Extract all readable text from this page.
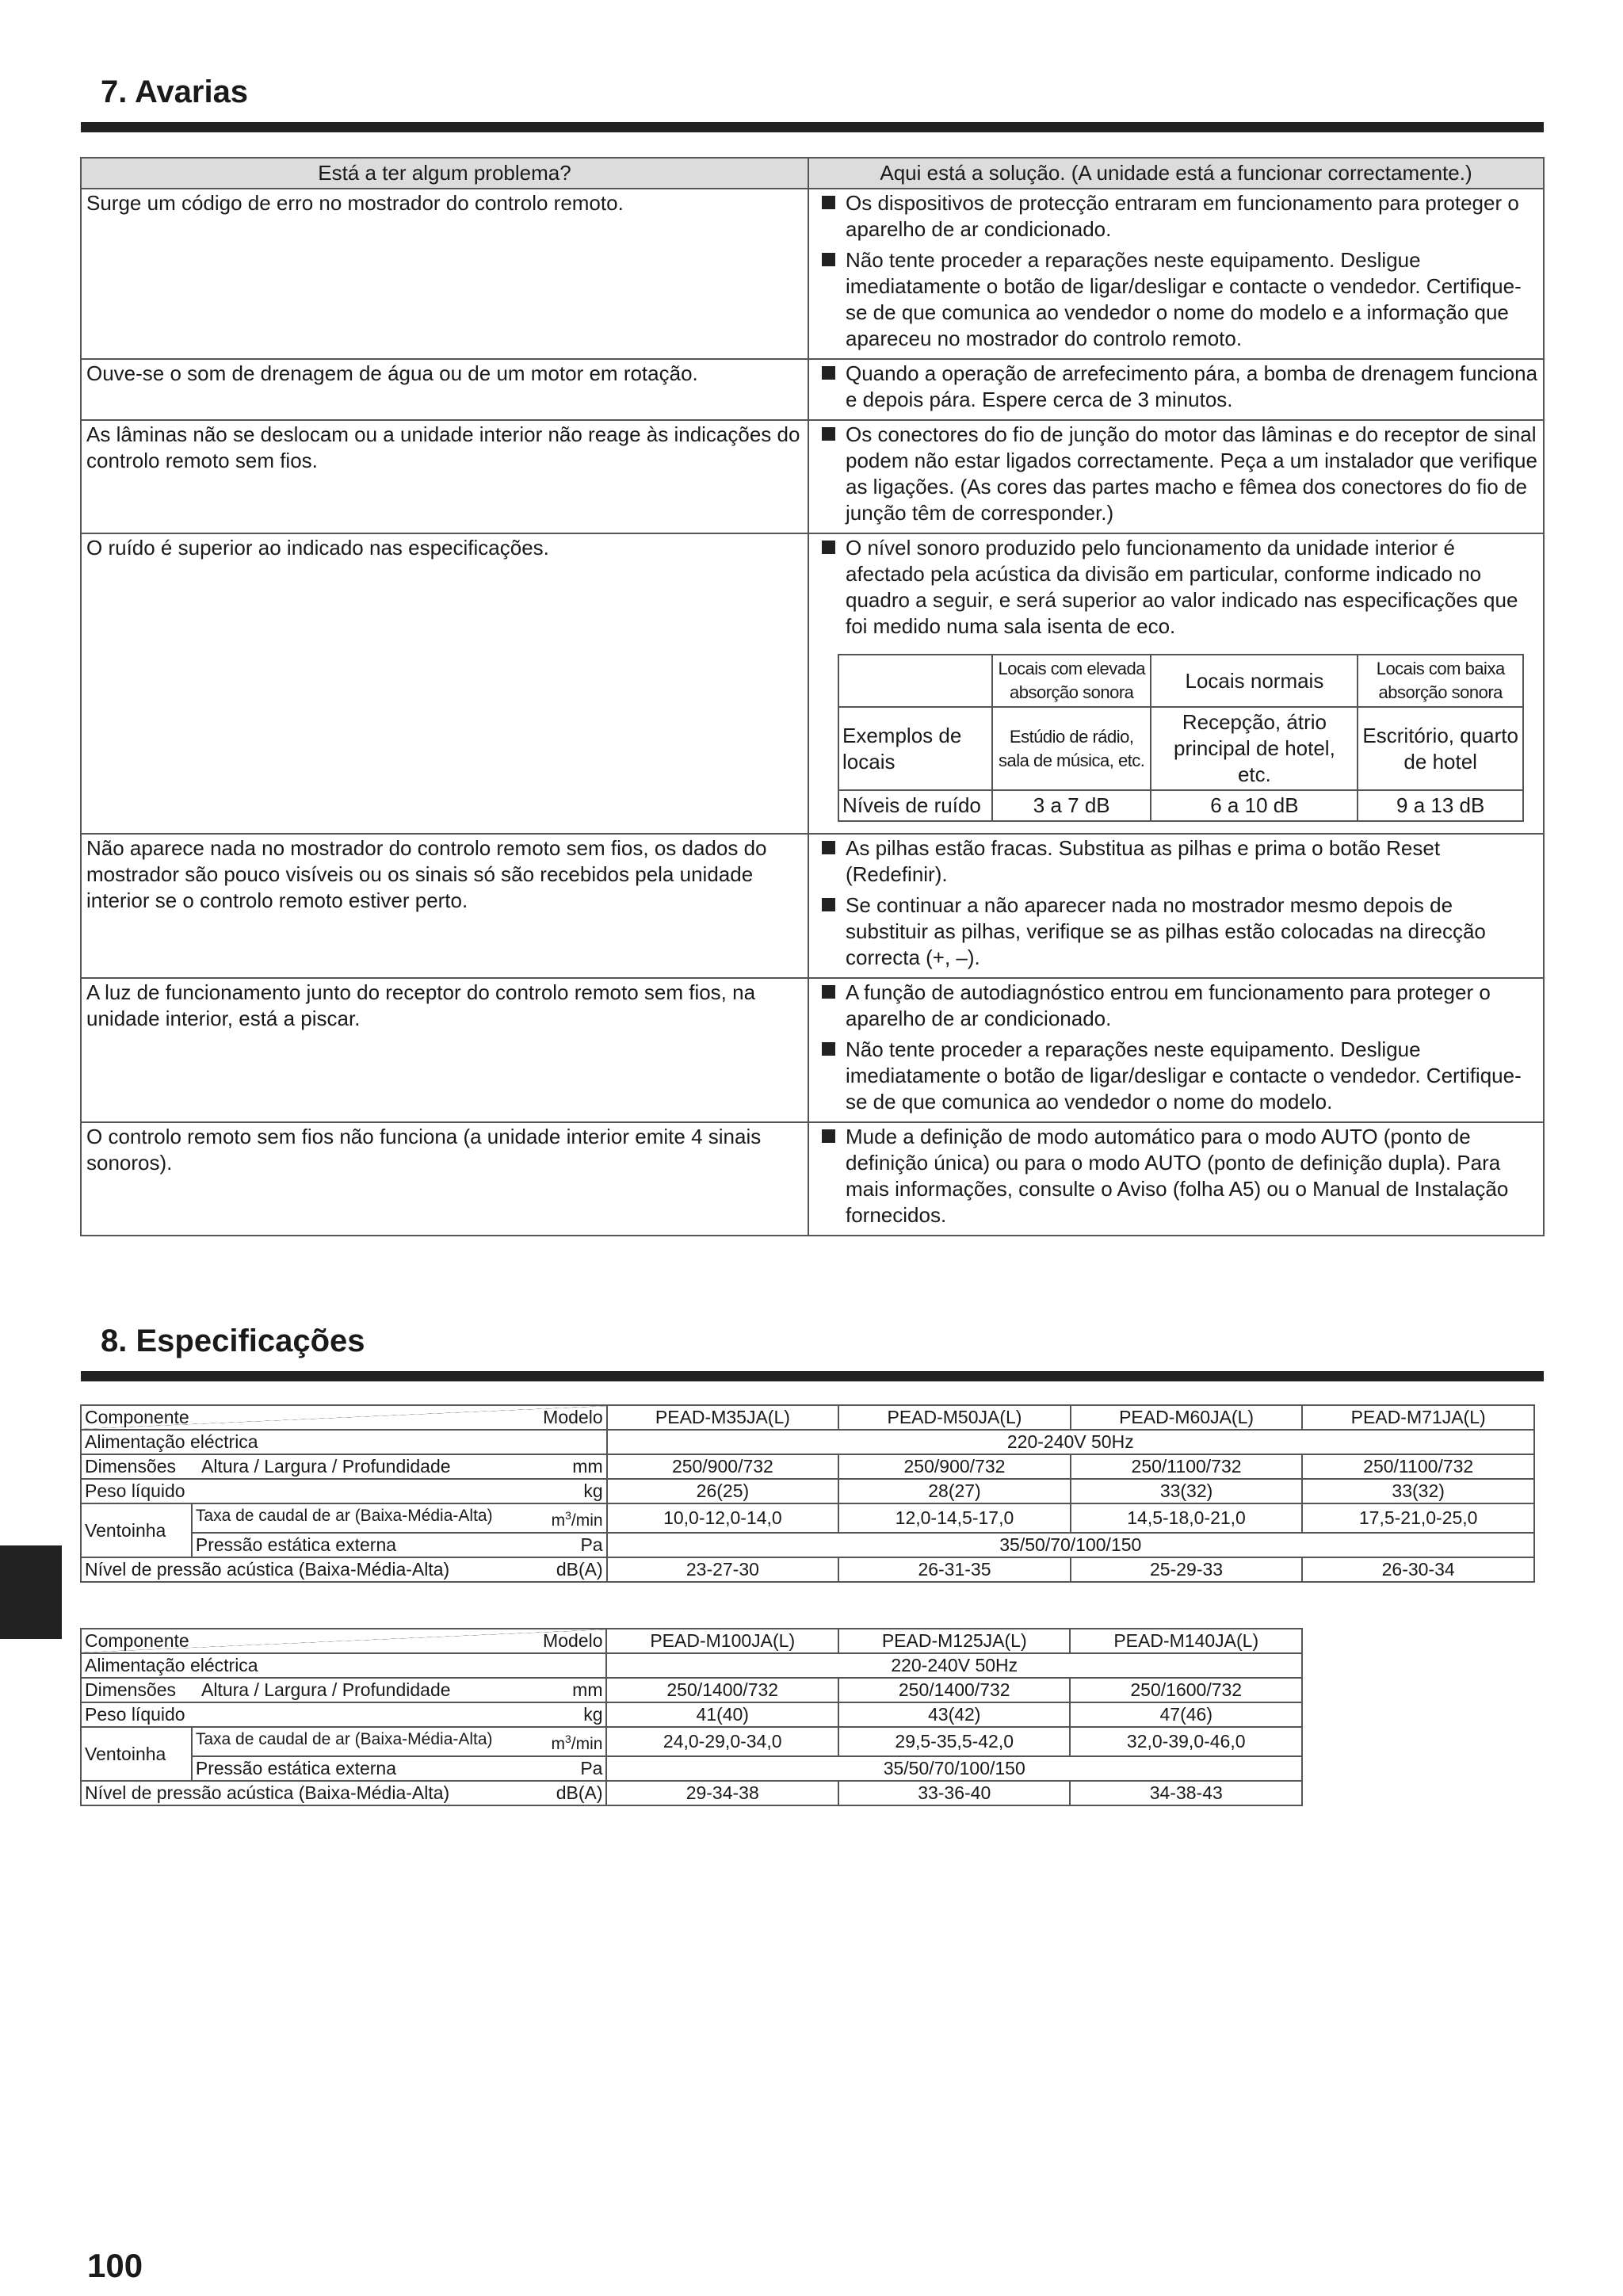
7. Avarias
Está a ter algum problema?	Aqui está a solução. (A unidade está a funcionar correctamente.)
Surge um código de erro no mostrador do controlo remoto.	Os dispositivos de protecção entraram em funcionamento para proteger o aparelho de ar condicionado.
Não tente proceder a reparações neste equipamento. Desligue imediatamente o botão de ligar/desligar e contacte o vendedor. Certifique-se de que comunica ao vendedor o nome do modelo e a informação que apareceu no mostrador do controlo remoto.

Ouve-se o som de drenagem de água ou de um motor em rotação.	Quando a operação de arrefecimento pára, a bomba de drenagem funciona e depois pára. Espere cerca de 3 minutos.

As lâminas não se deslocam ou a unidade interior não reage às indicações do controlo remoto sem fios.	
Os conectores do fio de junção do motor das lâminas e do receptor de sinal podem não estar ligados correctamente. Peça a um instalador que verifique as ligações. (As cores das partes macho e fêmea dos conectores do fio de junção têm de corresponder.)

O ruído é superior ao indicado nas especificações.	O nível sonoro produzido pelo funcionamento da unidade interior é afectado pela acústica da divisão em particular, conforme indicado no quadro a seguir, e será superior ao valor indicado nas especificações que foi medido numa sala isenta de eco.
	Locais com elevada absorção sonora	Locais normais	Locais com baixa absorção sonora
Exemplos de locais	Estúdio de rádio, sala de música, etc.	Recepção, átrio principal de hotel, etc.	Escritório, quarto de hotel
Níveis de ruído	3 a 7 dB	6 a 10 dB	9 a 13 dB

Não aparece nada no mostrador do controlo remoto sem fios, os dados do mostrador são pouco visíveis ou os sinais só são recebidos pela unidade interior se o controlo remoto estiver perto.	
As pilhas estão fracas. Substitua as pilhas e prima o botão Reset (Redefinir).
Se continuar a não aparecer nada no mostrador mesmo depois de substituir as pilhas, verifique se as pilhas estão colocadas na direcção correcta (+, –).

A luz de funcionamento junto do receptor do controlo remoto sem fios, na unidade interior, está a piscar.	
A função de autodiagnóstico entrou em funcionamento para proteger o aparelho de ar condicionado.
Não tente proceder a reparações neste equipamento. Desligue imediatamente o botão de ligar/desligar e contacte o vendedor. Certifique-se de que comunica ao vendedor o nome do modelo.

O controlo remoto sem fios não funciona (a unidade interior emite 4 sinais sonoros).	
Mude a definição de modo automático para o modo AUTO (ponto de definição única) ou para o modo AUTO (ponto de definição dupla). Para mais informações, consulte o Aviso (folha A5) ou o Manual de Instalação fornecidos.
8. Especificações
Componente Modelo		PEAD-M35JA(L)	PEAD-M50JA(L)	PEAD-M60JA(L)	PEAD-M71JA(L)
Alimentação eléctrica		220-240V 50Hz			

Dimensões Altura / Largura / Profundidade mm		250/900/732	250/900/732	250/1100/732	250/1100/732

Peso líquido kg		26(25)	28(27)	33(32)	33(32)
Ventoinha	Taxa de caudal de ar (Baixa-Média-Alta) $m^3/\min$	10,0-12,0-14,0	12,0-14,5-17,0	14,5-18,0-21,0	17,5-21,0-25,0

	Pressão estática externa Pa	35/50/70/100/150			

Nível de pressão acústica (Baixa-Média-Alta) dB(A)		23-27-30	26-31-35	25-29-33	26-30-34
Componente Modelo		PEAD-M100JA(L)	PEAD-M125JA(L)	PEAD-M140JA(L)
Alimentação eléctrica		220-240V 50Hz		

Dimensões Altura / Largura / Profundidade mm		250/1400/732	250/1400/732	250/1600/732

Peso líquido kg		41(40)	43(42)	47(46)
Ventoinha	Taxa de caudal de ar (Baixa-Média-Alta) $m^3/\min$	24,0-29,0-34,0	29,5-35,5-42,0	32,0-39,0-46,0

	Pressão estática externa Pa	35/50/70/100/150		

Nível de pressão acústica (Baixa-Média-Alta) dB(A)		29-34-38	33-36-40	34-38-43
100
